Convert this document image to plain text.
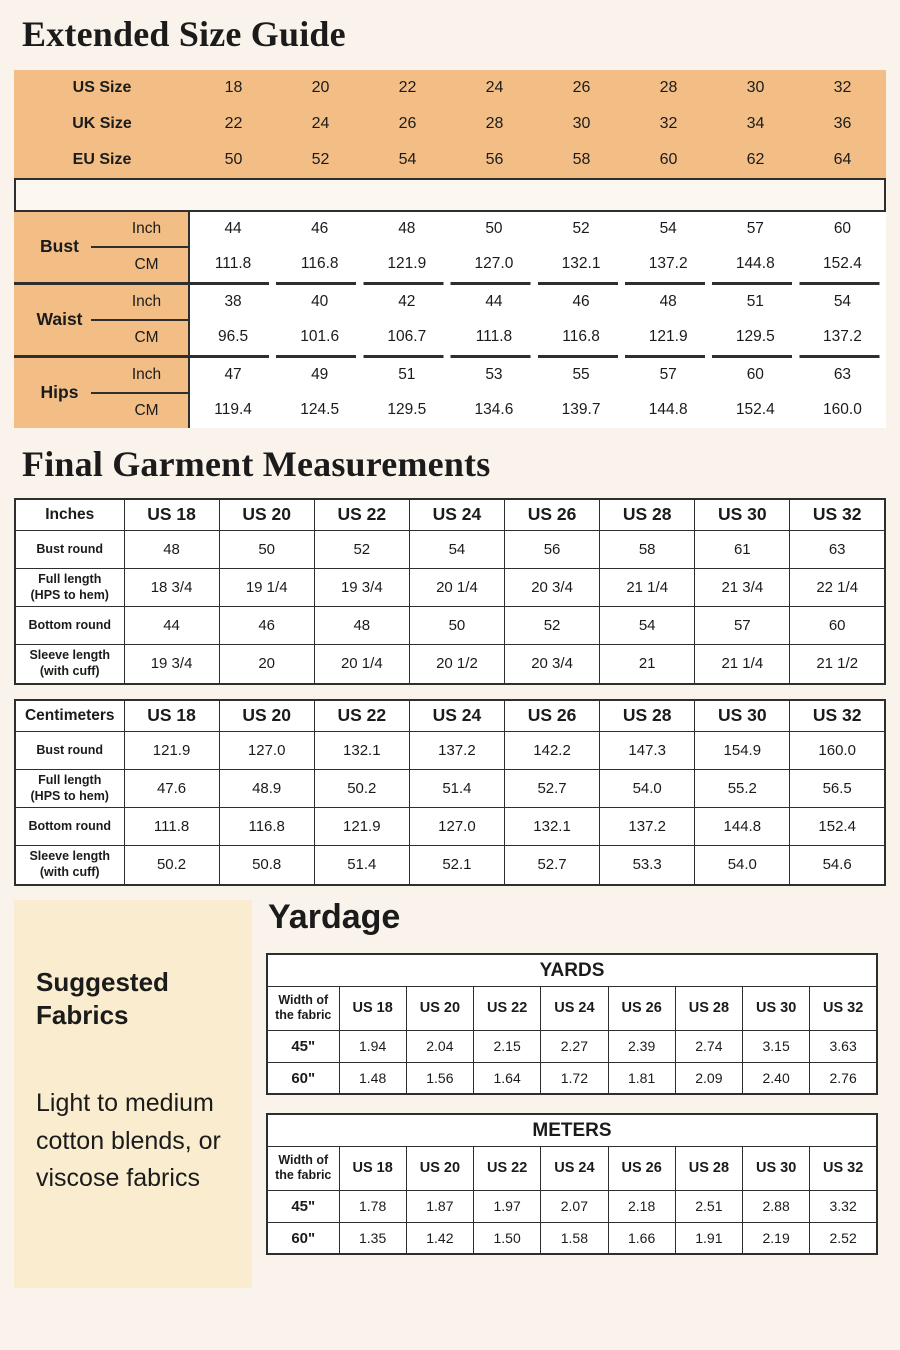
Extended Size Guide
US Size	18	20	22	24	26	28	30	32
UK Size	22	24	26	28	30	32	34	36
EU Size	50	52	54	56	58	60	62	64
Bust	Inch	44	46	48	50	52	54	57	60
	CM	111.8	116.8	121.9	127.0	132.1	137.2	144.8	152.4

Waist	Inch	38	40	42	44	46	48	51	54
	CM	96.5	101.6	106.7	111.8	116.8	121.9	129.5	137.2

Hips	Inch	47	49	51	53	55	57	60	63
	CM	119.4	124.5	129.5	134.6	139.7	144.8	152.4	160.0
Final Garment Measurements
Inches	US 18	US 20	US 22	US 24	US 26	US 28	US 30	US 32
Bust round	48	50	52	54	56	58	61	63
Full length (HPS to hem)	18 3/4	19 1/4	19 3/4	20 1/4	20 3/4	21 1/4	21 3/4	22 1/4
Bottom round	44	46	48	50	52	54	57	60
Sleeve length (with cuff)	19 3/4	20	20 1/4	20 1/2	20 3/4	21	21 1/4	21 1/2
Centimeters	US 18	US 20	US 22	US 24	US 26	US 28	US 30	US 32
Bust round	121.9	127.0	132.1	137.2	142.2	147.3	154.9	160.0
Full length (HPS to hem)	47.6	48.9	50.2	51.4	52.7	54.0	55.2	56.5
Bottom round	111.8	116.8	121.9	127.0	132.1	137.2	144.8	152.4
Sleeve length (with cuff)	50.2	50.8	51.4	52.1	52.7	53.3	54.0	54.6
Suggested Fabrics

Light to medium cotton blends, or viscose fabrics

Yardage
YARDS								
Width of the fabric	US 18	US 20	US 22	US 24	US 26	US 28	US 30	US 32
45"	1.94	2.04	2.15	2.27	2.39	2.74	3.15	3.63
60"	1.48	1.56	1.64	1.72	1.81	2.09	2.40	2.76
METERS								
Width of the fabric	US 18	US 20	US 22	US 24	US 26	US 28	US 30	US 32
45"	1.78	1.87	1.97	2.07	2.18	2.51	2.88	3.32
60"	1.35	1.42	1.50	1.58	1.66	1.91	2.19	2.52
